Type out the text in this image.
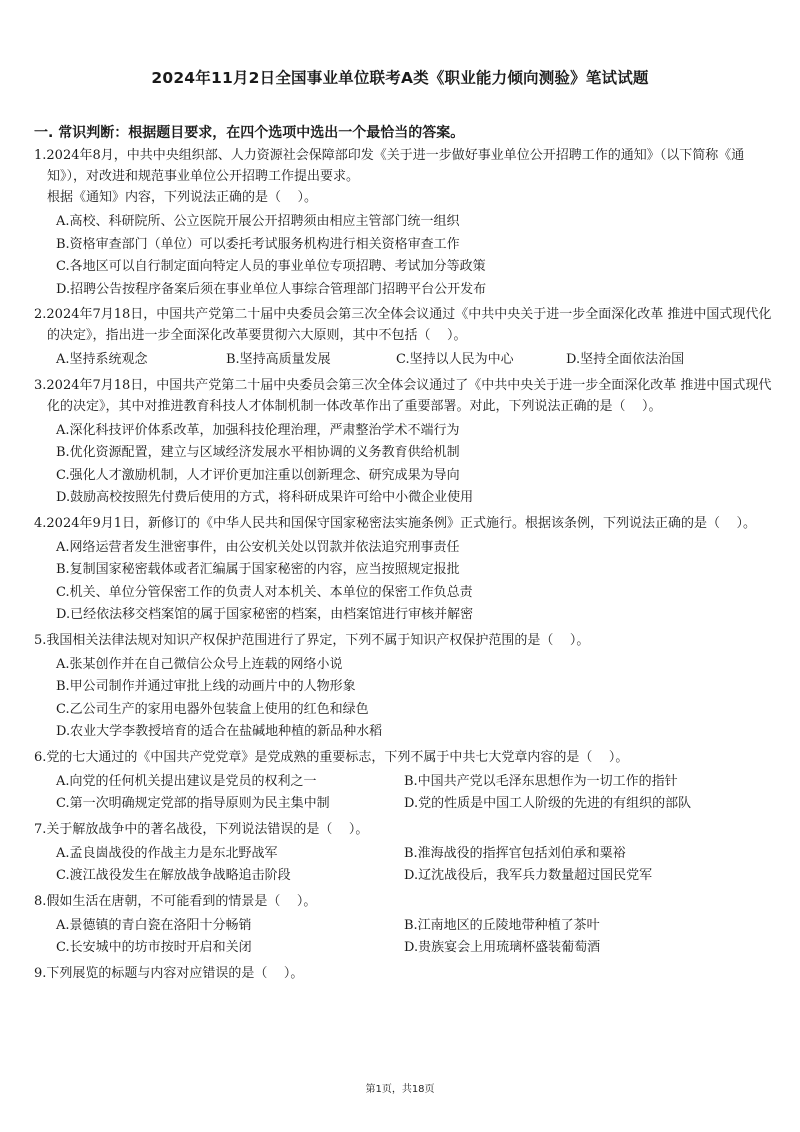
2024年11月2日全国事业单位联考A类《职业能力倾向测验》笔试试题
一. 常识判断：根据题目要求，在四个选项中选出一个最恰当的答案。

1.2024年8月，中共中央组织部、人力资源社会保障部印发《关于进一步做好事业单位公开招聘工作的通知》（以下简称《通知》），对改进和规范事业单位公开招聘工作提出要求。
根据《通知》内容，下列说法正确的是（    ）。

A.高校、科研院所、公立医院开展公开招聘须由相应主管部门统一组织

B.资格审查部门（单位）可以委托考试服务机构进行相关资格审查工作

C.各地区可以自行制定面向特定人员的事业单位专项招聘、考试加分等政策

D.招聘公告按程序备案后须在事业单位人事综合管理部门招聘平台公开发布

2.2024年7月18日，中国共产党第二十届中央委员会第三次全体会议通过《中共中央关于进一步全面深化改革 推进中国式现代化的决定》，指出进一步全面深化改革要贯彻六大原则，其中不包括（    ）。

A.坚持系统观念	B.坚持高质量发展	C.坚持以人民为中心	D.坚持全面依法治国

3.2024年7月18日，中国共产党第二十届中央委员会第三次全体会议通过了《中共中央关于进一步全面深化改革 推进中国式现代化的决定》，其中对推进教育科技人才体制机制一体改革作出了重要部署。对此，下列说法正确的是（    ）。

A.深化科技评价体系改革，加强科技伦理治理，严肃整治学术不端行为

B.优化资源配置，建立与区域经济发展水平相协调的义务教育供给机制

C.强化人才激励机制，人才评价更加注重以创新理念、研究成果为导向

D.鼓励高校按照先付费后使用的方式，将科研成果许可给中小微企业使用

4.2024年9月1日，新修订的《中华人民共和国保守国家秘密法实施条例》正式施行。根据该条例，下列说法正确的是（    ）。

A.网络运营者发生泄密事件，由公安机关处以罚款并依法追究刑事责任

B.复制国家秘密载体或者汇编属于国家秘密的内容，应当按照规定报批

C.机关、单位分管保密工作的负责人对本机关、本单位的保密工作负总责

D.已经依法移交档案馆的属于国家秘密的档案，由档案馆进行审核并解密

5.我国相关法律法规对知识产权保护范围进行了界定，下列不属于知识产权保护范围的是（    ）。

A.张某创作并在自己微信公众号上连载的网络小说

B.甲公司制作并通过审批上线的动画片中的人物形象

C.乙公司生产的家用电器外包装盒上使用的红色和绿色

D.农业大学李教授培育的适合在盐碱地种植的新品种水稻

6.党的七大通过的《中国共产党党章》是党成熟的重要标志，下列不属于中共七大党章内容的是（    ）。

A.向党的任何机关提出建议是党员的权利之一	B.中国共产党以毛泽东思想作为一切工作的指针

C.第一次明确规定党部的指导原则为民主集中制	D.党的性质是中国工人阶级的先进的有组织的部队

7.关于解放战争中的著名战役，下列说法错误的是（    ）。

A.孟良崮战役的作战主力是东北野战军	B.淮海战役的指挥官包括刘伯承和粟裕

C.渡江战役发生在解放战争战略追击阶段	D.辽沈战役后，我军兵力数量超过国民党军

8.假如生活在唐朝，不可能看到的情景是（    ）。

A.景德镇的青白瓷在洛阳十分畅销	B.江南地区的丘陵地带种植了茶叶

C.长安城中的坊市按时开启和关闭	D.贵族宴会上用琉璃杯盛装葡萄酒

9.下列展览的标题与内容对应错误的是（    ）。

第1页，共18页
